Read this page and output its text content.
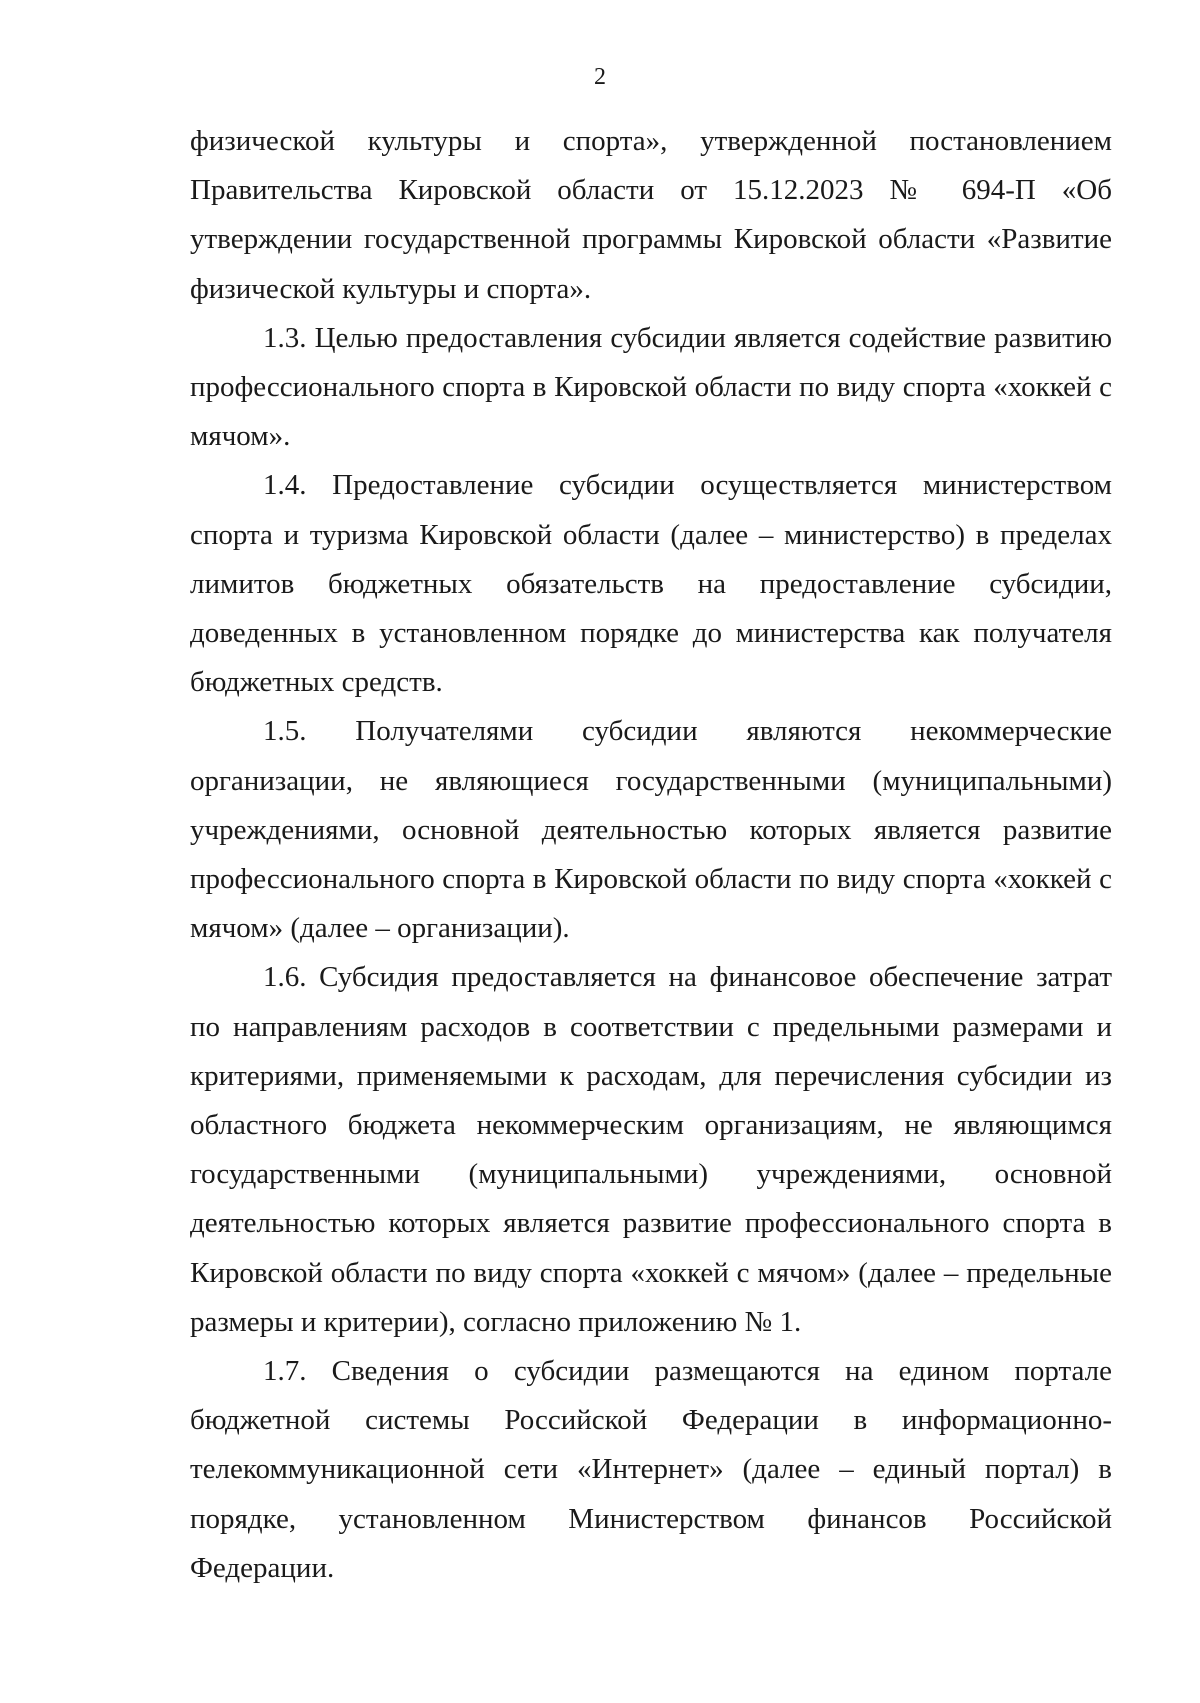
2

физической культуры и спорта», утвержденной постановлением Правительства Кировской области от 15.12.2023 № 694-П «Об утверждении государственной программы Кировской области «Развитие физической культуры и спорта».

1.3. Целью предоставления субсидии является содействие развитию профессионального спорта в Кировской области по виду спорта «хоккей с мячом».

1.4. Предоставление субсидии осуществляется министерством спорта и туризма Кировской области (далее – министерство) в пределах лимитов бюджетных обязательств на предоставление субсидии, доведенных в установленном порядке до министерства как получателя бюджетных средств.

1.5. Получателями субсидии являются некоммерческие организации, не являющиеся государственными (муниципальными) учреждениями, основной деятельностью которых является развитие профессионального спорта в Кировской области по виду спорта «хоккей с мячом» (далее – организации).

1.6. Субсидия предоставляется на финансовое обеспечение затрат по направлениям расходов в соответствии с предельными размерами и критериями, применяемыми к расходам, для перечисления субсидии из областного бюджета некоммерческим организациям, не являющимся государственными (муниципальными) учреждениями, основной деятельностью которых является развитие профессионального спорта в Кировской области по виду спорта «хоккей с мячом» (далее – предельные размеры и критерии), согласно приложению № 1.

1.7. Сведения о субсидии размещаются на едином портале бюджетной системы Российской Федерации в информационно-телекоммуникационной сети «Интернет» (далее – единый портал) в порядке, установленном Министерством финансов Российской Федерации.
